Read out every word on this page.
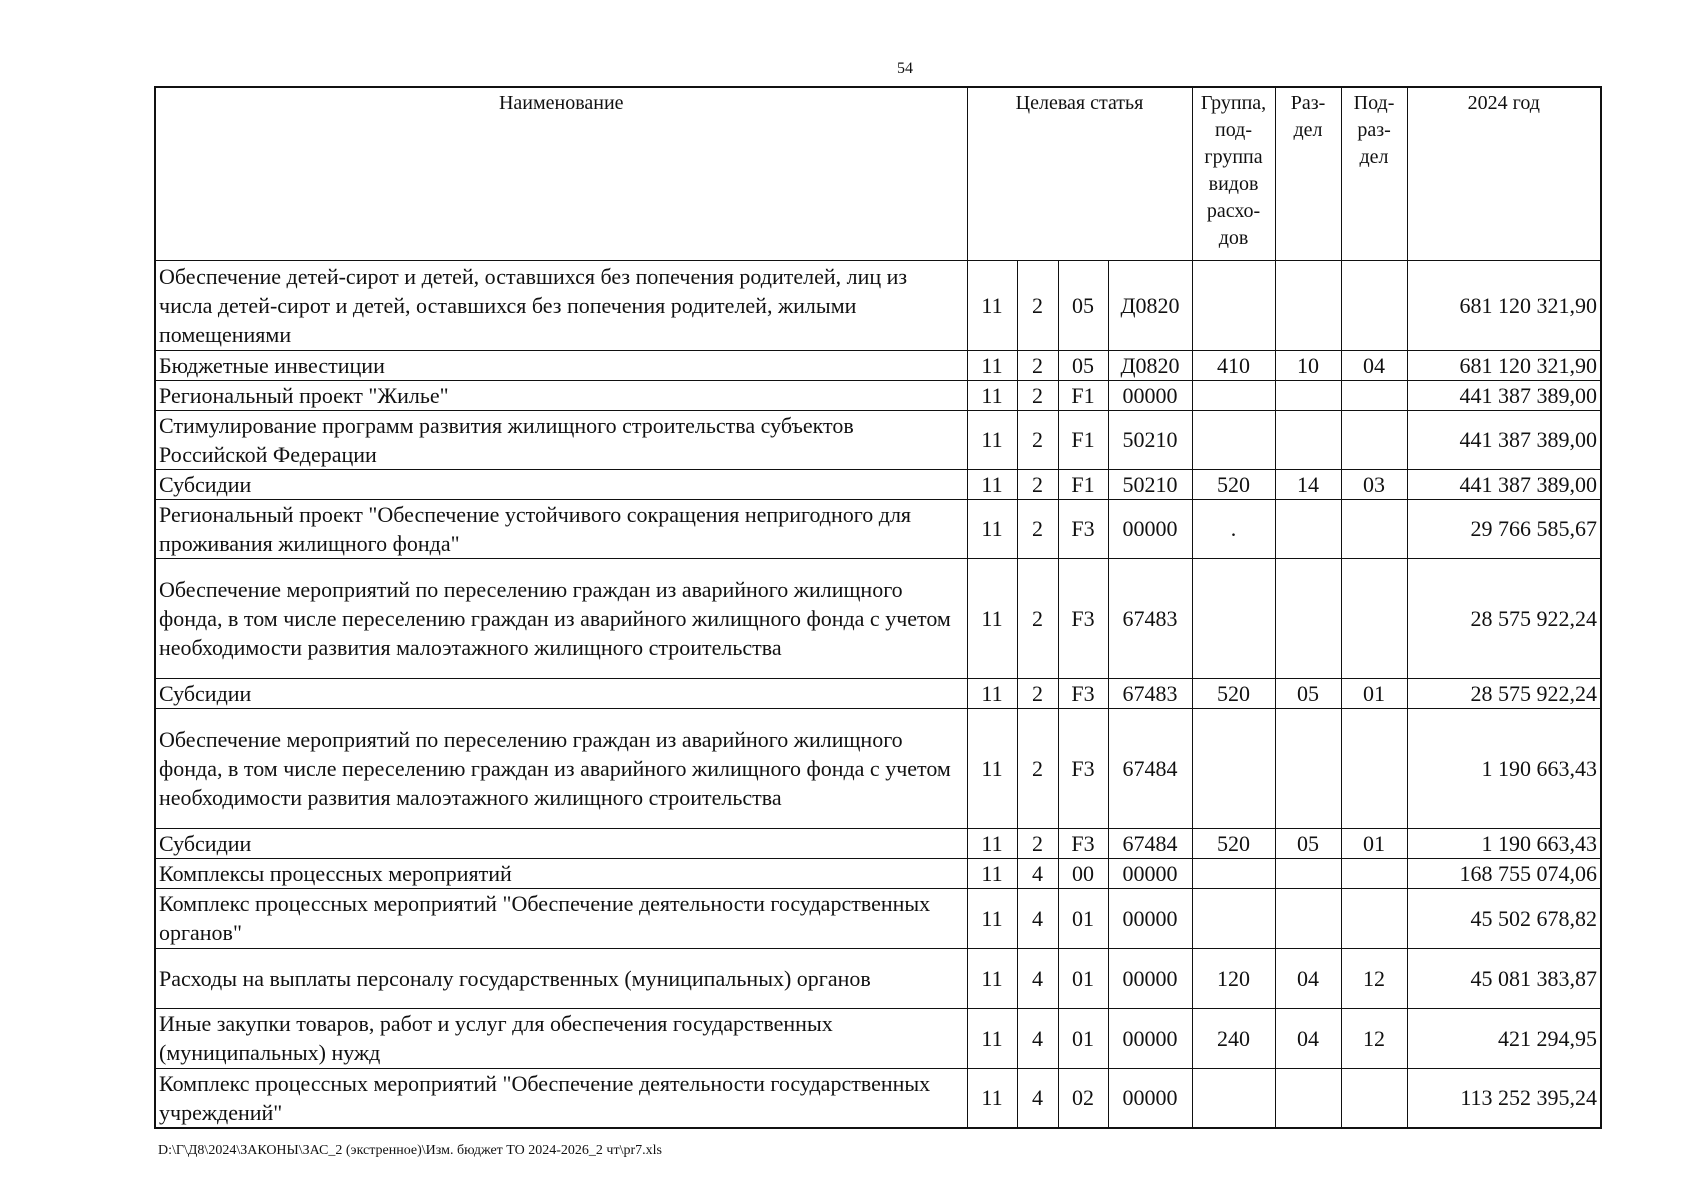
54
Наименование	Целевая статья				Группа, под- группа видов расхо- дов	Раз- дел	Под- раз- дел	2024 год
Обеспечение детей-сирот и детей, оставшихся без попечения родителей, лиц из числа детей-сирот и детей, оставшихся без попечения родителей, жилыми помещениями	11	2	05	Д0820				681 120 321,90
Бюджетные инвестиции	11	2	05	Д0820	410	10	04	681 120 321,90
Региональный проект "Жилье"	11	2	F1	00000				441 387 389,00
Стимулирование программ развития жилищного строительства субъектов Российской Федерации	11	2	F1	50210				441 387 389,00
Субсидии	11	2	F1	50210	520	14	03	441 387 389,00
Региональный проект "Обеспечение устойчивого сокращения непригодного для проживания жилищного фонда"	11	2	F3	00000	.			29 766 585,67
Обеспечение мероприятий по переселению граждан из аварийного жилищного фонда, в том числе переселению граждан из аварийного жилищного фонда с учетом необходимости развития малоэтажного жилищного строительства	11	2	F3	67483				28 575 922,24
Субсидии	11	2	F3	67483	520	05	01	28 575 922,24
Обеспечение мероприятий по переселению граждан из аварийного жилищного фонда, в том числе переселению граждан из аварийного жилищного фонда с учетом необходимости развития малоэтажного жилищного строительства	11	2	F3	67484				1 190 663,43
Субсидии	11	2	F3	67484	520	05	01	1 190 663,43
Комплексы процессных мероприятий	11	4	00	00000				168 755 074,06
Комплекс процессных мероприятий "Обеспечение деятельности государственных органов"	11	4	01	00000				45 502 678,82
Расходы на выплаты персоналу государственных (муниципальных) органов	11	4	01	00000	120	04	12	45 081 383,87
Иные закупки товаров, работ и услуг для обеспечения государственных (муниципальных) нужд	11	4	01	00000	240	04	12	421 294,95
Комплекс процессных мероприятий "Обеспечение деятельности государственных учреждений"	11	4	02	00000				113 252 395,24
D:\Г\Д8\2024\ЗАКОНЫ\ЗАС_2 (экстренное)\Изм. бюджет ТО 2024-2026_2 чт\pr7.xls
